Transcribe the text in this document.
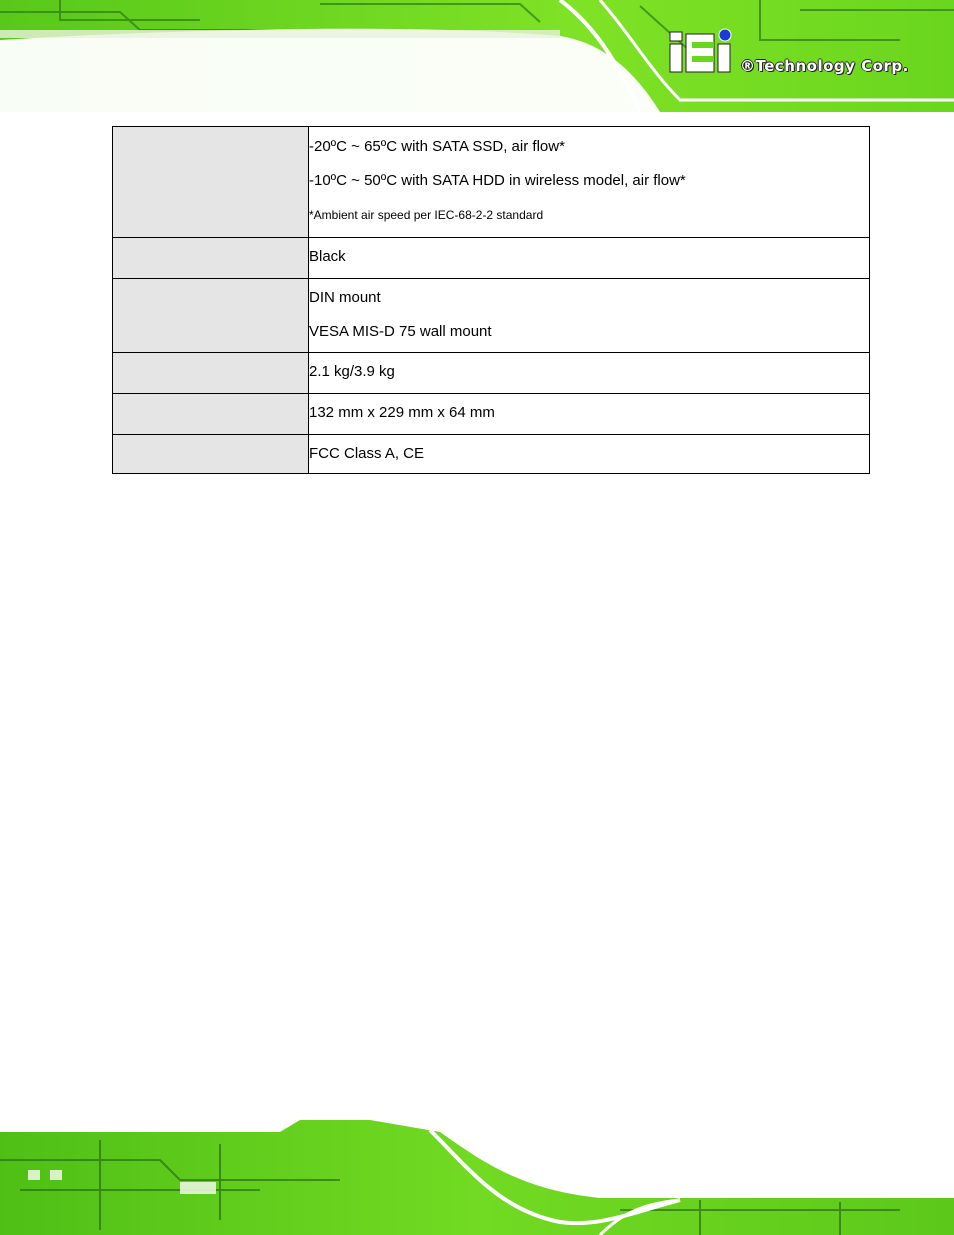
®Technology Corp.

	-20ºC ~ 65ºC with SATA SSD, air flow*
-10ºC ~ 50ºC with SATA HDD in wireless model, air flow*
*Ambient air speed per IEC-68-2-2 standard

	Black

	DIN mount
VESA MIS-D 75 wall mount

	2.1 kg/3.9 kg

	132 mm x 229 mm x 64 mm

	FCC Class A, CE
